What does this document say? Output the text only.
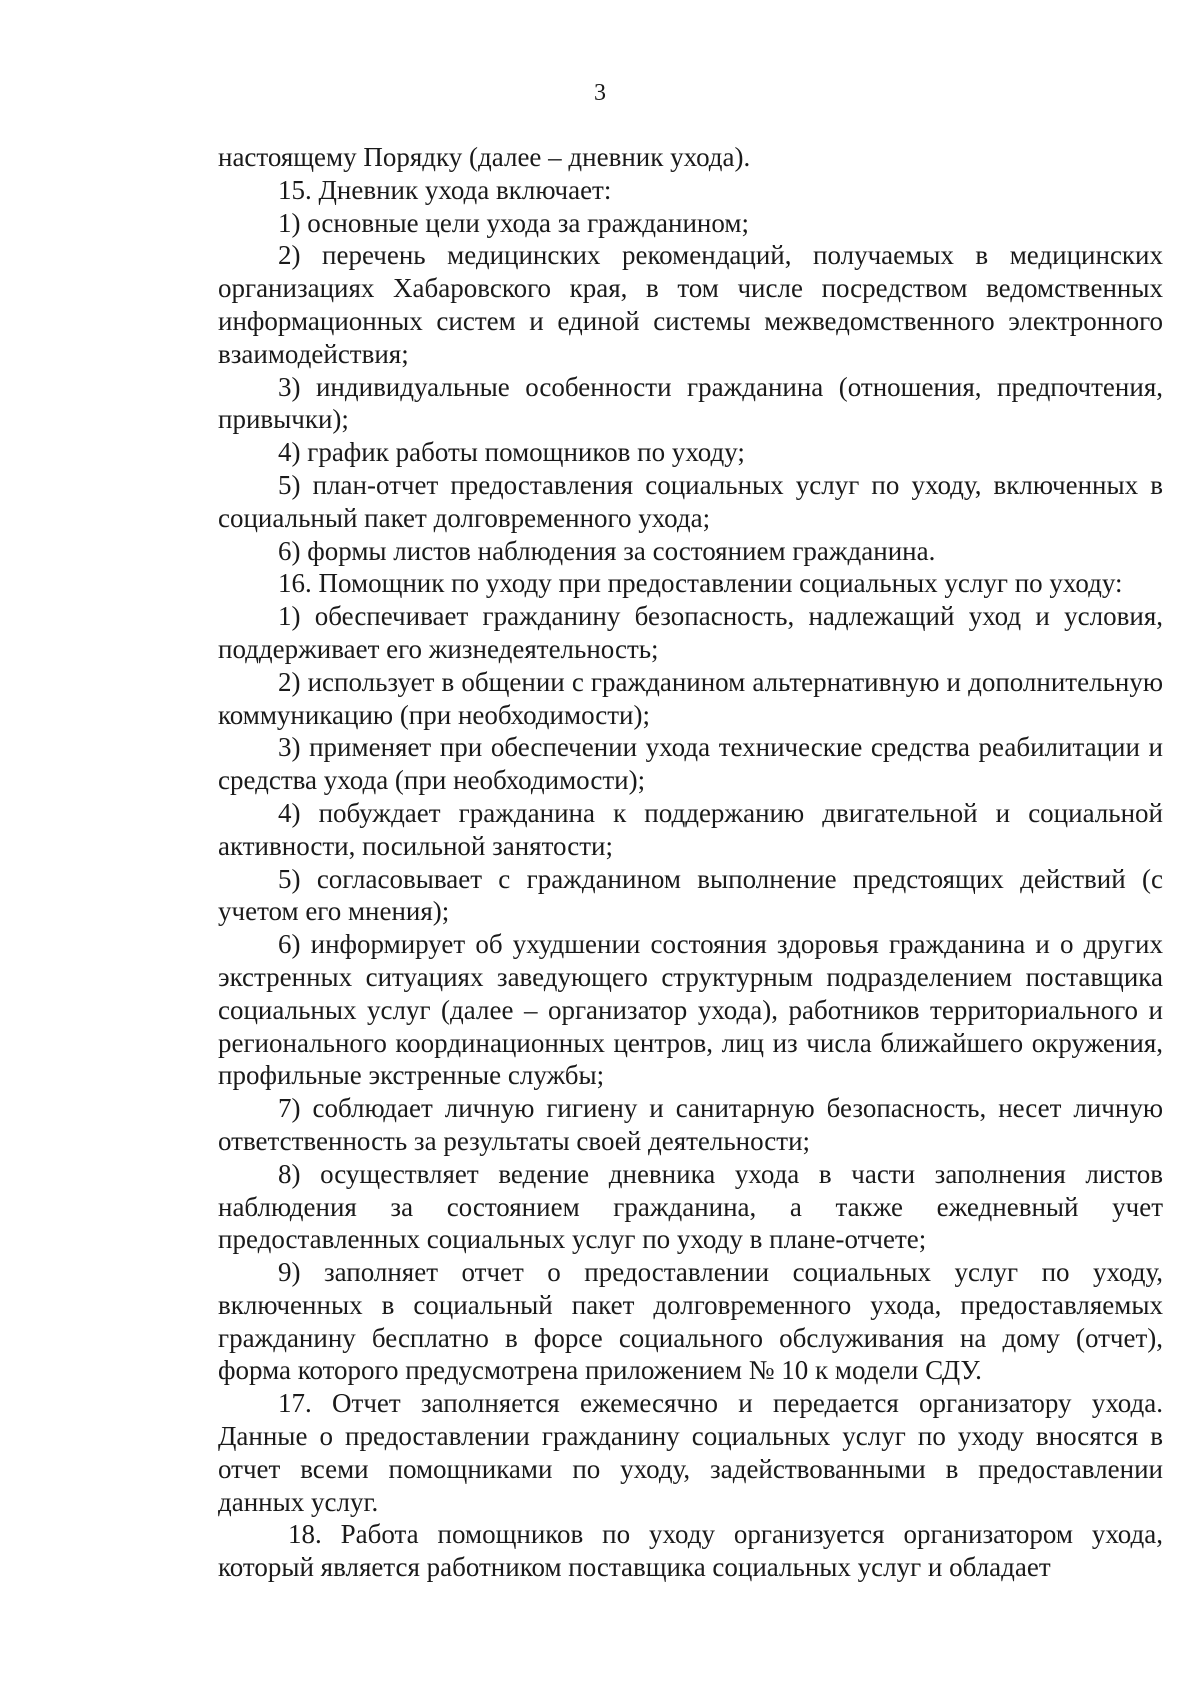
3

настоящему Порядку (далее – дневник ухода).

15. Дневник ухода включает:

1) основные цели ухода за гражданином;

2) перечень медицинских рекомендаций, получаемых в медицинских организациях Хабаровского края, в том числе посредством ведомственных информационных систем и единой системы межведомственного электронного взаимодействия;

3) индивидуальные особенности гражданина (отношения, предпочтения, привычки);

4) график работы помощников по уходу;

5) план-отчет предоставления социальных услуг по уходу, включенных в социальный пакет долговременного ухода;

6) формы листов наблюдения за состоянием гражданина.

16. Помощник по уходу при предоставлении социальных услуг по уходу:

1) обеспечивает гражданину безопасность, надлежащий уход и условия, поддерживает его жизнедеятельность;

2) использует в общении с гражданином альтернативную и дополнительную коммуникацию (при необходимости);

3) применяет при обеспечении ухода технические средства реабилитации и средства ухода (при необходимости);

4) побуждает гражданина к поддержанию двигательной и социальной активности, посильной занятости;

5) согласовывает с гражданином выполнение предстоящих действий (с учетом его мнения);

6) информирует об ухудшении состояния здоровья гражданина и о других экстренных ситуациях заведующего структурным подразделением поставщика социальных услуг (далее – организатор ухода), работников территориального и регионального координационных центров, лиц из числа ближайшего окружения, профильные экстренные службы;

7) соблюдает личную гигиену и санитарную безопасность, несет личную ответственность за результаты своей деятельности;

8) осуществляет ведение дневника ухода в части заполнения листов наблюдения за состоянием гражданина, а также ежедневный учет предоставленных социальных услуг по уходу в плане-отчете;

9) заполняет отчет о предоставлении социальных услуг по уходу, включенных в социальный пакет долговременного ухода, предоставляемых гражданину бесплатно в форсе социального обслуживания на дому (отчет), форма которого предусмотрена приложением № 10 к модели СДУ.

17. Отчет заполняется ежемесячно и передается организатору ухода. Данные о предоставлении гражданину социальных услуг по уходу вносятся в отчет всеми помощниками по уходу, задействованными в предоставлении данных услуг.

18. Работа помощников по уходу организуется организатором ухода, который является работником поставщика социальных услуг и обладает
